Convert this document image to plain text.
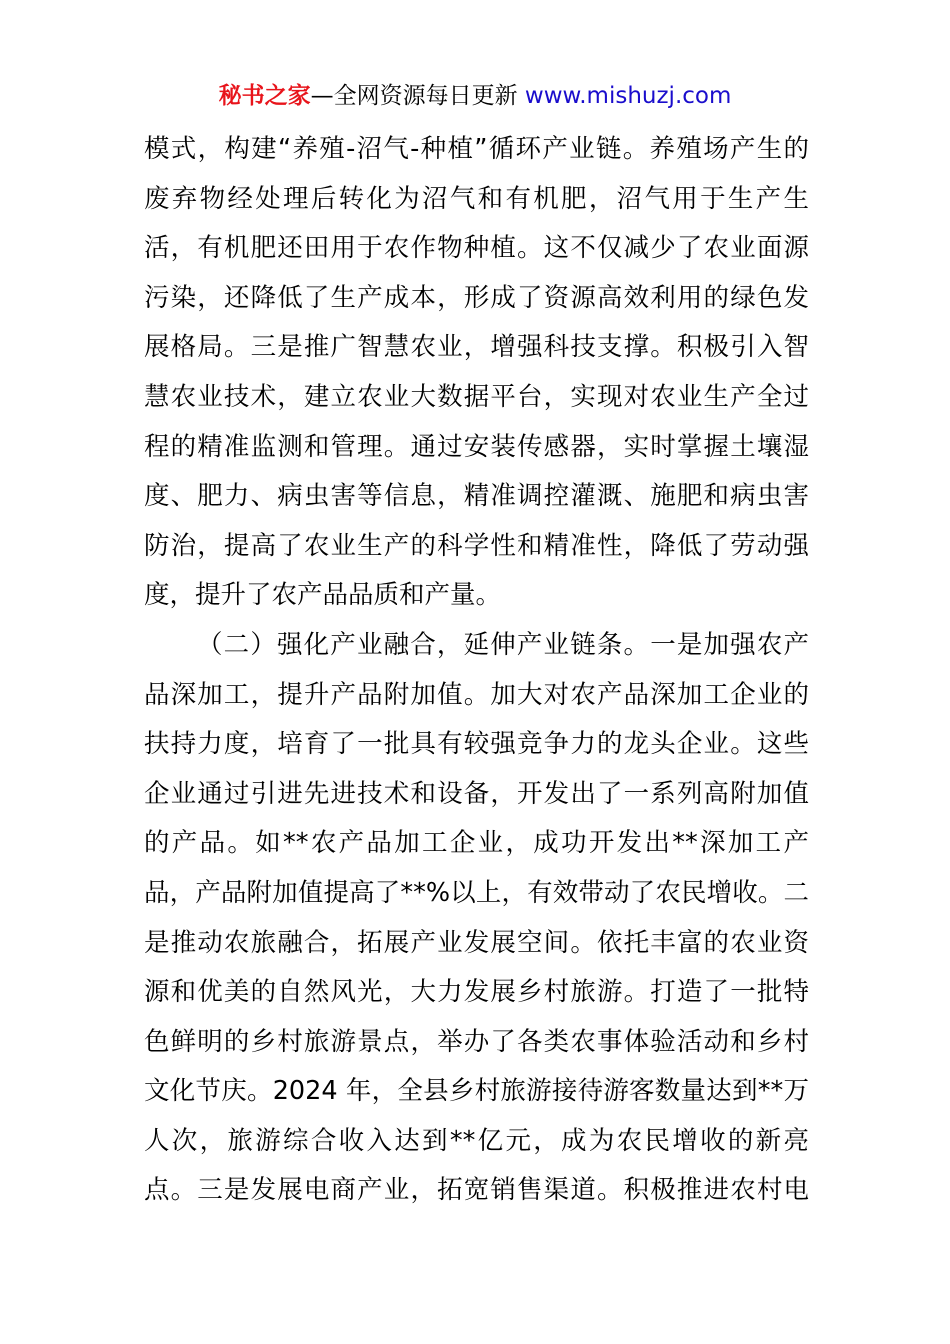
秘书之家—全网资源每日更新 www.mishuzj.com
模式，构建“养殖-沼气-种植”循环产业链。养殖场产生的
废弃物经处理后转化为沼气和有机肥，沼气用于生产生
活，有机肥还田用于农作物种植。这不仅减少了农业面源
污染，还降低了生产成本，形成了资源高效利用的绿色发
展格局。三是推广智慧农业，增强科技支撑。积极引入智
慧农业技术，建立农业大数据平台，实现对农业生产全过
程的精准监测和管理。通过安装传感器，实时掌握土壤湿
度、肥力、病虫害等信息，精准调控灌溉、施肥和病虫害
防治，提高了农业生产的科学性和精准性，降低了劳动强
度，提升了农产品品质和产量。
（二）强化产业融合，延伸产业链条。一是加强农产
品深加工，提升产品附加值。加大对农产品深加工企业的
扶持力度，培育了一批具有较强竞争力的龙头企业。这些
企业通过引进先进技术和设备，开发出了一系列高附加值
的产品。如**农产品加工企业，成功开发出**深加工产
品，产品附加值提高了**%以上，有效带动了农民增收。二
是推动农旅融合，拓展产业发展空间。依托丰富的农业资
源和优美的自然风光，大力发展乡村旅游。打造了一批特
色鲜明的乡村旅游景点，举办了各类农事体验活动和乡村
文化节庆。2024 年，全县乡村旅游接待游客数量达到**万
人次，旅游综合收入达到**亿元，成为农民增收的新亮
点。三是发展电商产业，拓宽销售渠道。积极推进农村电
